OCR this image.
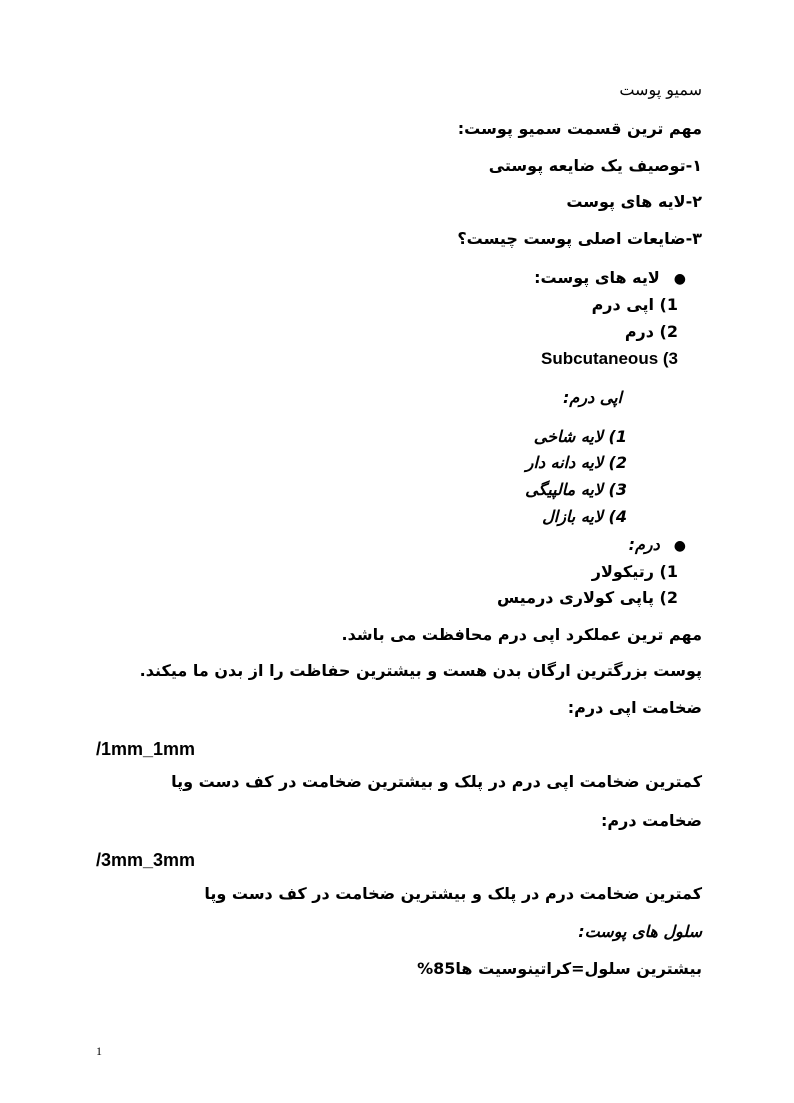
سمیو پوست
مهم ترین قسمت سمیو پوست:
۱-توصیف یک ضایعه پوستی
۲-لایه های پوست
۳-ضایعات اصلی پوست چیست؟
●لایه های پوست:
1) اپی درم
2) درم
Subcutaneous (3
اپی درم:
1) لایه شاخی
2) لایه دانه دار
3) لایه مالپیگی
4) لایه بازال
●درم:
1) رتیکولار
2) پاپی کولاری درمیس
مهم ترین عملکرد اپی درم محافظت می باشد.
پوست بزرگترین ارگان بدن هست و بیشترین حفاظت را از بدن ما میکند.
ضخامت اپی درم:
/1mm_1mm
کمترین ضخامت اپی درم در پلک و بیشترین ضخامت در کف دست وپا
ضخامت درم:
/3mm_3mm
کمترین ضخامت درم در پلک و بیشترین ضخامت در کف دست وپا
سلول های پوست:
بیشترین سلول=کراتینوسیت ها85%
1
